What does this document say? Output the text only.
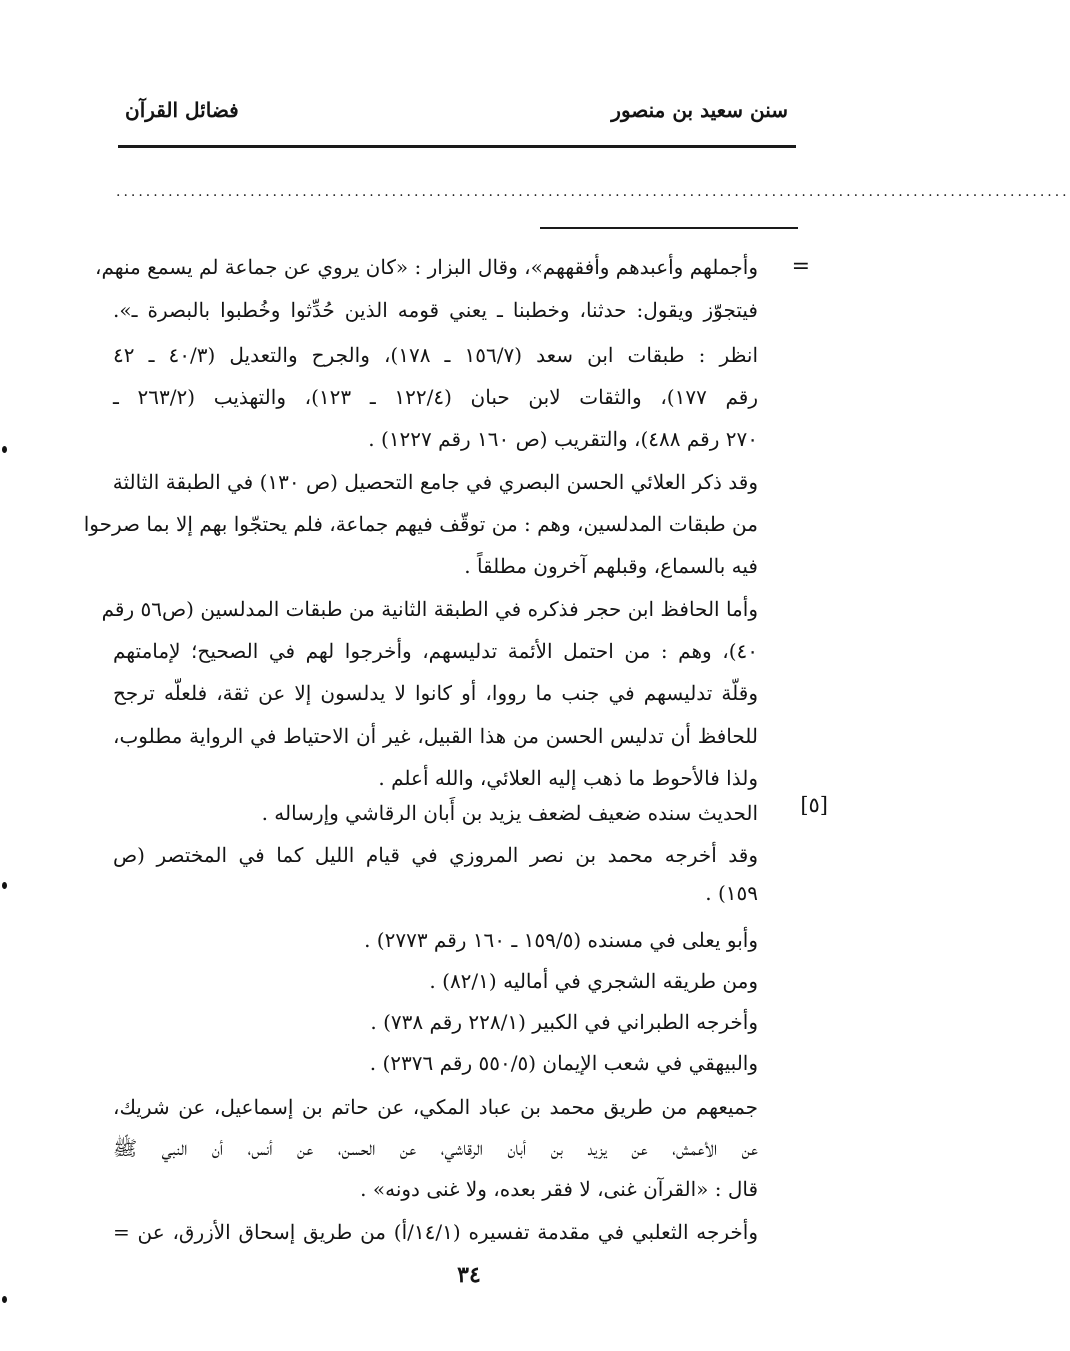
سنن سعيد بن منصور
فضائل القرآن
................................................................................................................................
=
وأجملهم وأعبدهم وأفقههم»، وقال البزار : «كان يروي عن جماعة لم يسمع منهم،
فيتجوّز ويقول: حدثنا، وخطبنا ـ يعني قومه الذين حُدِّثوا وخُطبوا بالبصرة ـ».
انظر : طبقات ابن سعد (١٥٦/٧ ـ ١٧٨)، والجرح والتعديل (٤٠/٣ ـ ٤٢
رقم ١٧٧)، والثقات لابن حبان (١٢٢/٤ ـ ١٢٣)، والتهذيب (٢٦٣/٢ ـ
٢٧٠ رقم ٤٨٨)، والتقريب (ص ١٦٠ رقم ١٢٢٧) .
وقد ذكر العلائي الحسن البصري في جامع التحصيل (ص ١٣٠) في الطبقة الثالثة
من طبقات المدلسين، وهم : من توقّف فيهم جماعة، فلم يحتجّوا بهم إلا بما صرحوا
فيه بالسماع، وقبلهم آخرون مطلقاً .
وأما الحافظ ابن حجر فذكره في الطبقة الثانية من طبقات المدلسين (ص٥٦ رقم
٤٠)، وهم : من احتمل الأئمة تدليسهم، وأخرجوا لهم في الصحيح؛ لإمامتهم
وقلّة تدليسهم في جنب ما رووا، أو كانوا لا يدلسون إلا عن ثقة، فلعلّه ترجح
للحافظ أن تدليس الحسن من هذا القبيل، غير أن الاحتياط في الرواية مطلوب،
ولذا فالأحوط ما ذهب إليه العلائي، والله أعلم .
[٥]
الحديث سنده ضعيف لضعف يزيد بن أَبان الرقاشي وإرساله .
وقد أخرجه محمد بن نصر المروزي في قيام الليل كما في المختصر (ص
١٥٩) .
وأبو يعلى في مسنده (١٥٩/٥ ـ ١٦٠ رقم ٢٧٧٣) .
ومن طريقه الشجري في أماليه (٨٢/١) .
وأخرجه الطبراني في الكبير (٢٢٨/١ رقم ٧٣٨) .
والبيهقي في شعب الإيمان (٥٥٠/٥ رقم ٢٣٧٦) .
جميعهم من طريق محمد بن عباد المكي، عن حاتم بن إسماعيل، عن شريك،
عن الأعمش، عن يزيد بن أبان الرقاشي، عن الحسن، عن أنس، أن النبي ﷺ
قال : «القرآن غنى، لا فقر بعده، ولا غنى دونه» .
وأخرجه الثعلبي في مقدمة تفسيره (١٤/١/أ) من طريق إسحاق الأزرق، عن =
٣٤
